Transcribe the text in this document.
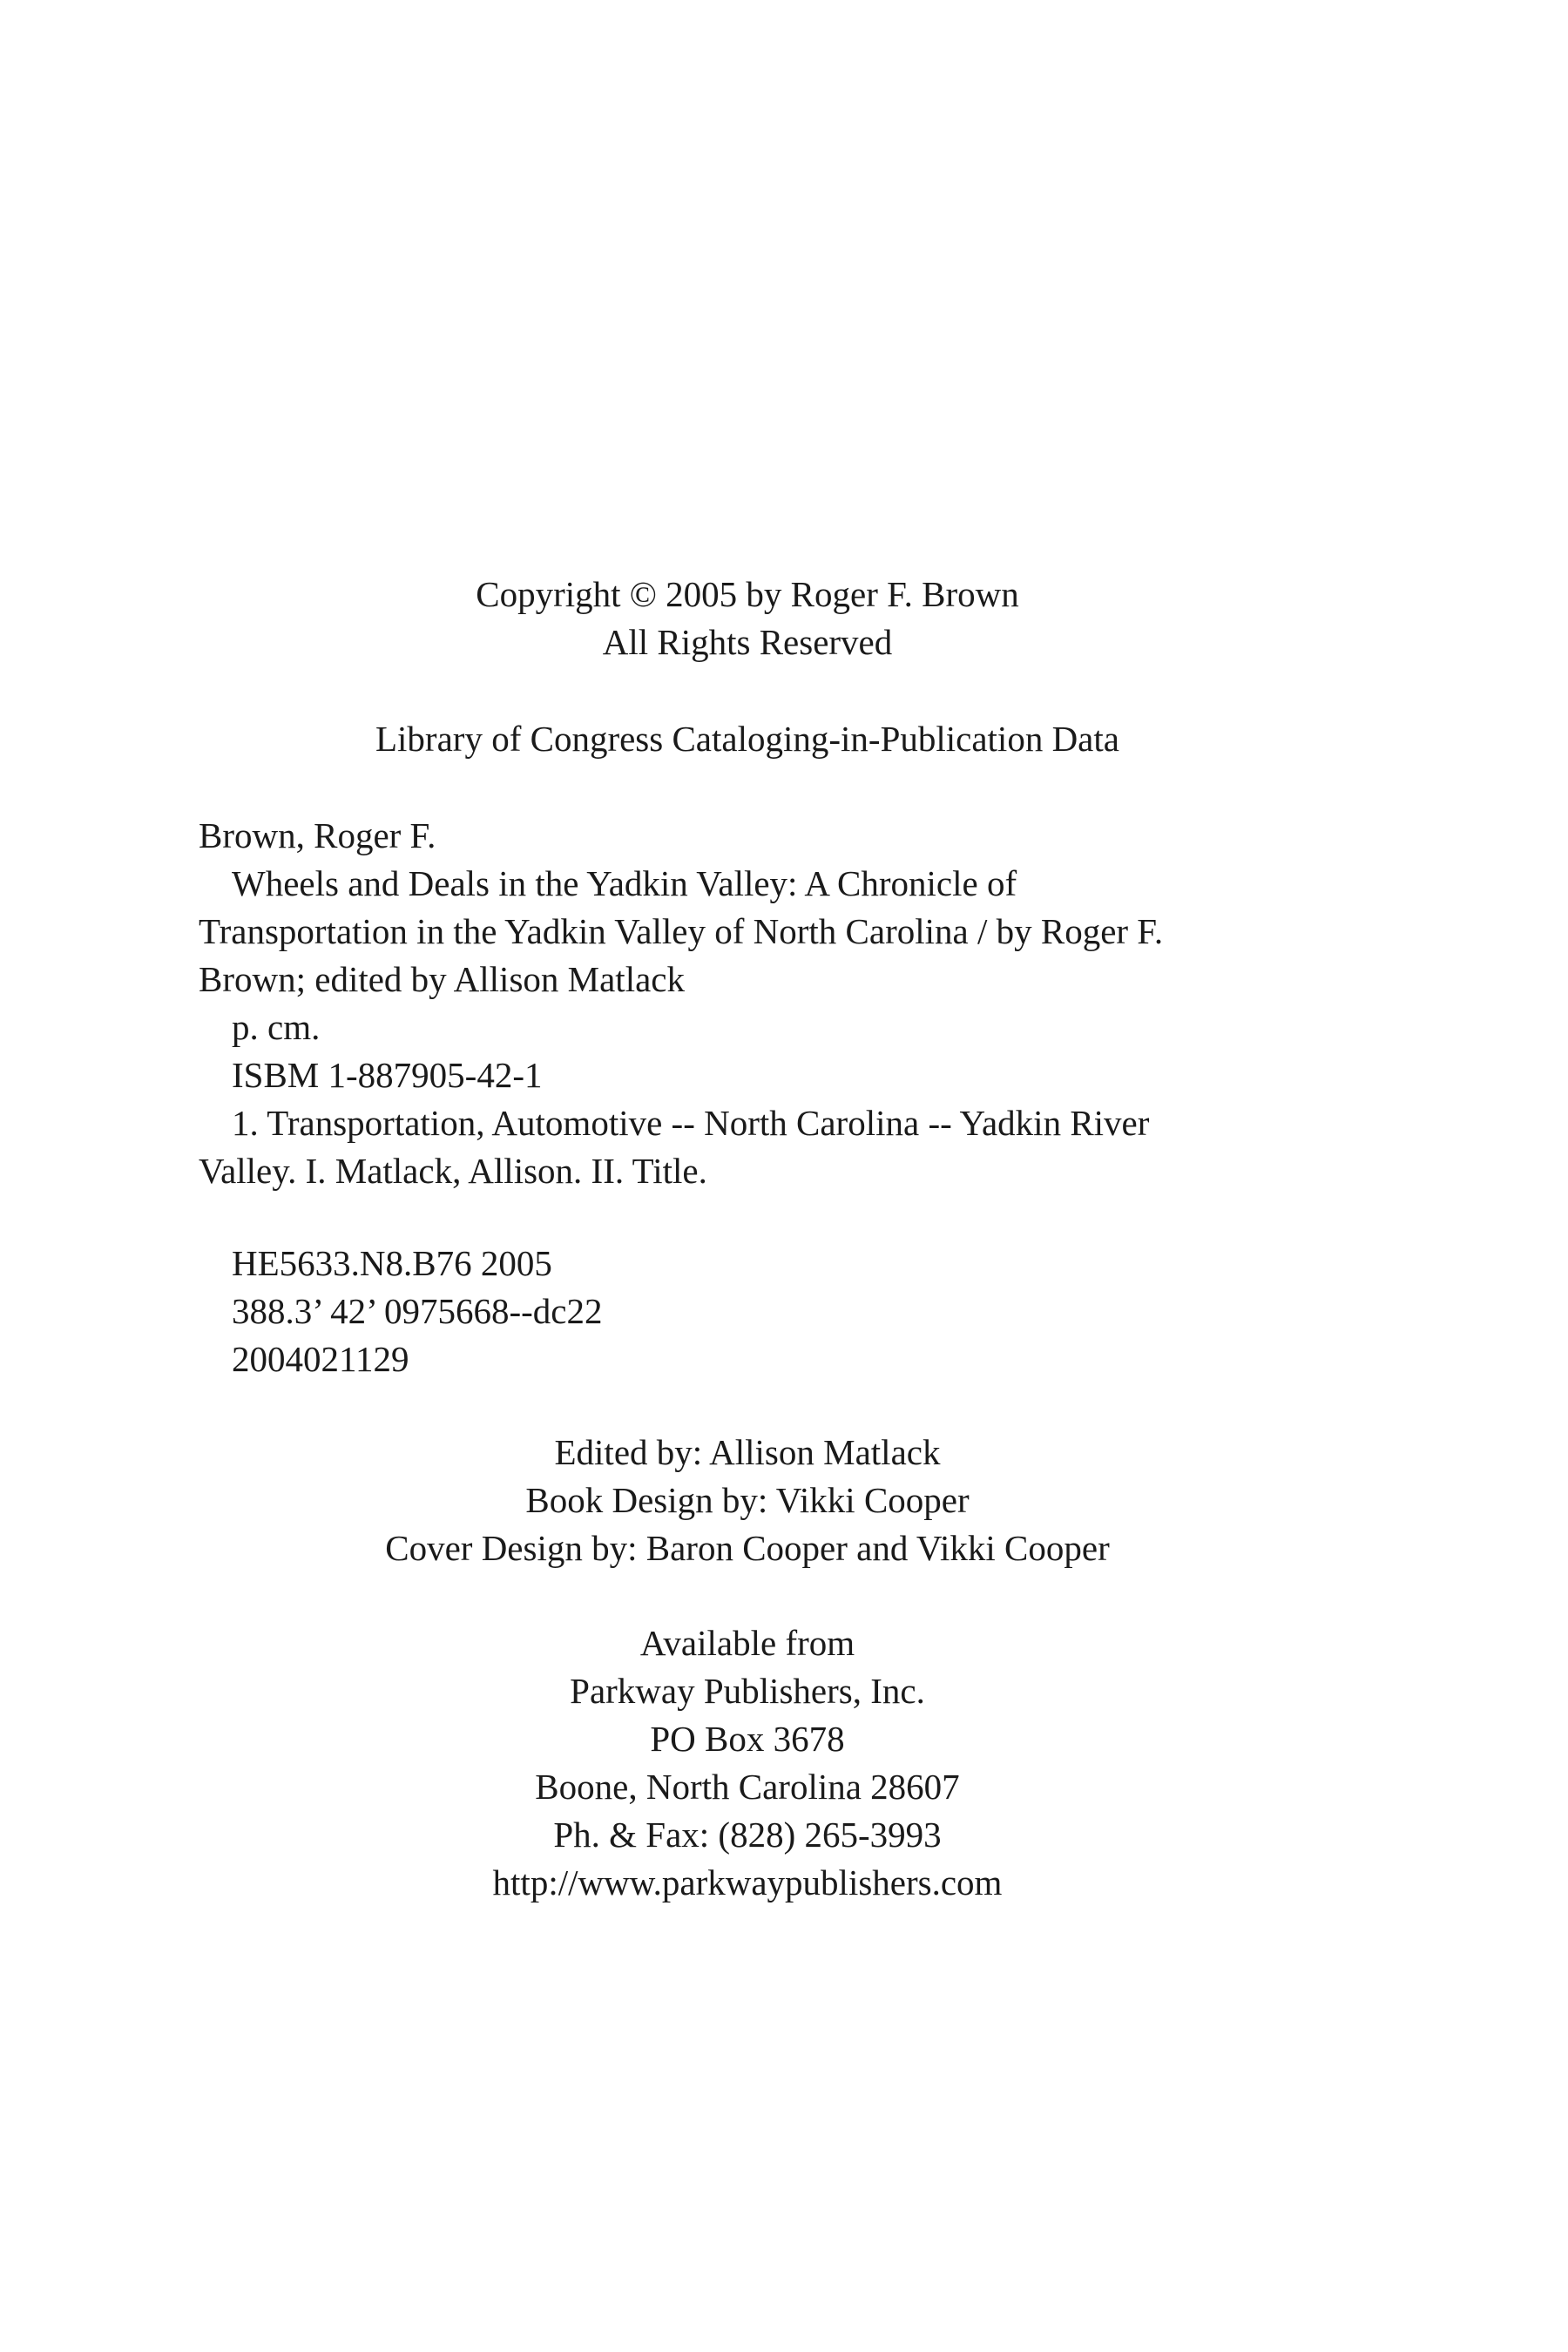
Copyright © 2005 by Roger F. Brown
All Rights Reserved
Library of Congress Cataloging-in-Publication Data
Brown, Roger F.
Wheels and Deals in the Yadkin Valley: A Chronicle of
Transportation in the Yadkin Valley of North Carolina / by Roger F.
Brown; edited by Allison Matlack
p. cm.
ISBM 1-887905-42-1
1. Transportation, Automotive -- North Carolina -- Yadkin River
Valley. I. Matlack, Allison. II. Title.
HE5633.N8.B76 2005
388.3’ 42’ 0975668--dc22
2004021129
Edited by: Allison Matlack
Book Design by: Vikki Cooper
Cover Design by: Baron Cooper and Vikki Cooper
Available from
Parkway Publishers, Inc.
PO Box 3678
Boone, North Carolina 28607
Ph. & Fax: (828) 265-3993
http://www.parkwaypublishers.com
